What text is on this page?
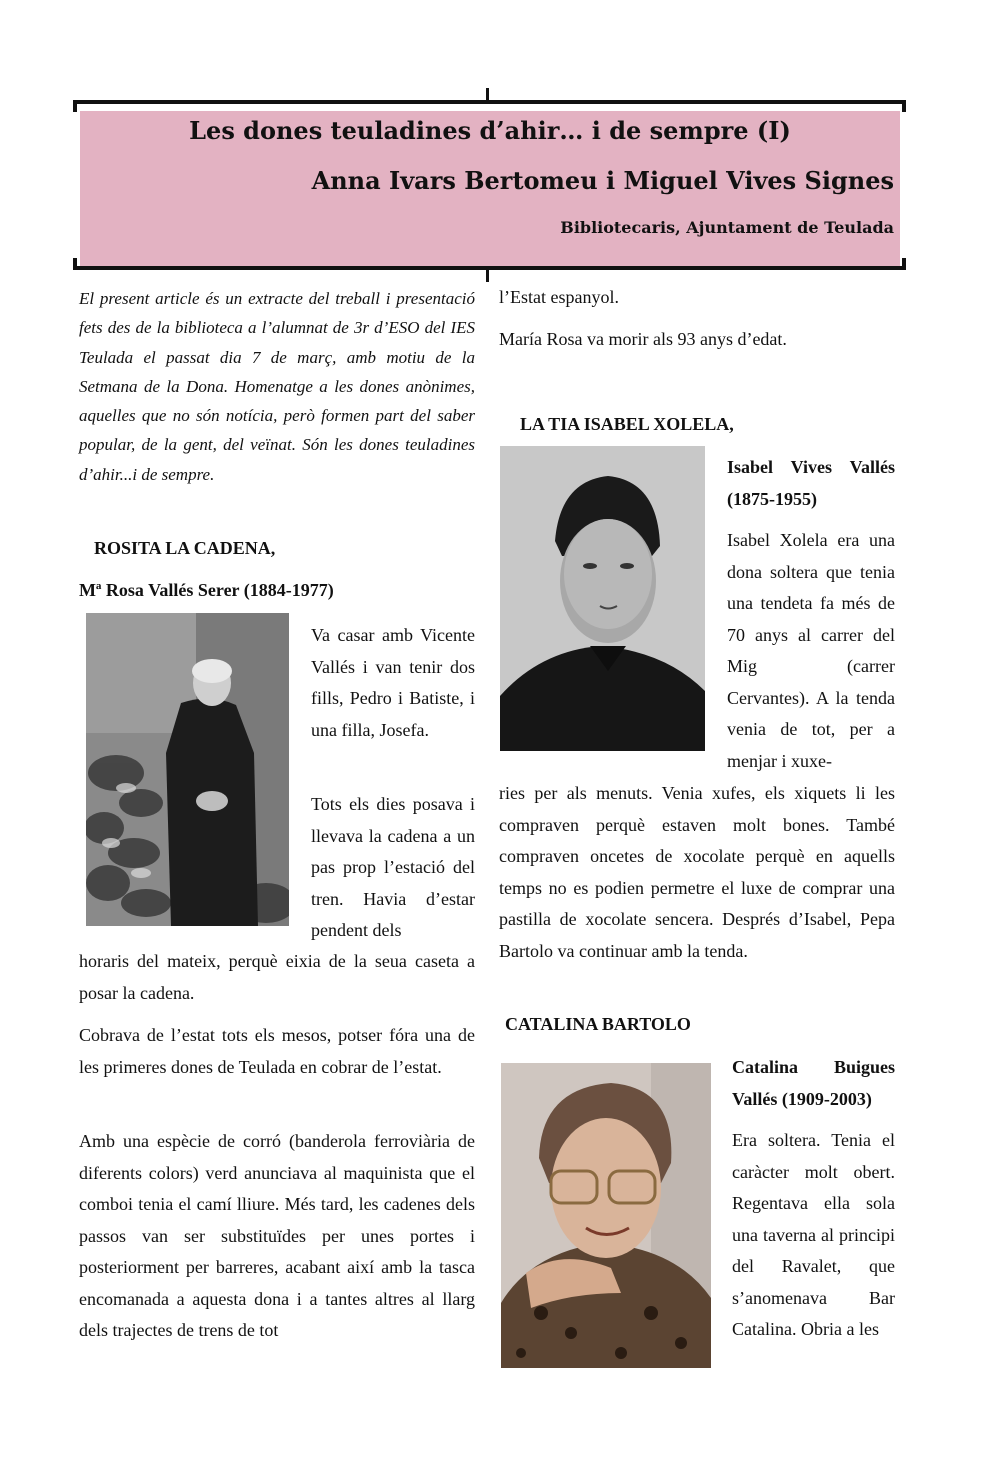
Les dones teuladines d’ahir… i de sempre (I)
Anna Ivars Bertomeu i Miguel Vives Signes
Bibliotecaris, Ajuntament de Teulada
El present article és un extracte del treball i presentació fets des de la biblioteca a l’alumnat de 3r d’ESO del IES Teulada el passat dia 7 de març, amb motiu de la Setmana de la Dona. Homenatge a les dones anònimes, aquelles que no són notícia, però formen part del saber popular, de la gent, del veïnat. Són les dones teuladines d’ahir...i de sempre.
ROSITA LA CADENA,
Mª Rosa Vallés Serer (1884-1977)
Va casar amb Vicente Vallés i van tenir dos fills, Pedro i Batiste, i una filla, Josefa.
Tots els dies posava i llevava la cadena a un pas prop l’estació del tren. Havia d’estar pendent dels
horaris del mateix, perquè eixia de la seua caseta a posar la cadena.
Cobrava de l’estat tots els mesos, potser fóra una de les primeres dones de Teulada en cobrar de l’estat.
Amb una espècie de corró (banderola ferroviària de diferents colors) verd anunciava al maquinista que el comboi tenia el camí lliure. Més tard, les cadenes dels passos van ser substituïdes per unes portes i posteriorment per barreres, acabant així amb la tasca encomanada a aquesta dona i a tantes altres al llarg dels trajectes de trens de tot
l’Estat espanyol.
María Rosa va morir als 93 anys d’edat.
LA TIA ISABEL XOLELA,
Isabel Vives Vallés (1875-1955)
Isabel Xolela era una dona soltera que tenia una tendeta fa més de 70 anys al carrer del Mig (carrer Cervantes). A la tenda venia de tot, per a menjar i xuxe-
ries per als menuts. Venia xufes, els xiquets li les compraven perquè estaven molt bones. També compraven oncetes de xocolate perquè en aquells temps no es podien permetre el luxe de comprar una pastilla de xocolate sencera. Després d’Isabel, Pepa Bartolo va continuar amb la tenda.
CATALINA BARTOLO
Catalina Buigues Vallés (1909-2003)
Era soltera. Tenia el caràcter molt obert. Regentava ella sola una taverna al principi del Ravalet, que s’anomenava Bar Catalina. Obria a les
